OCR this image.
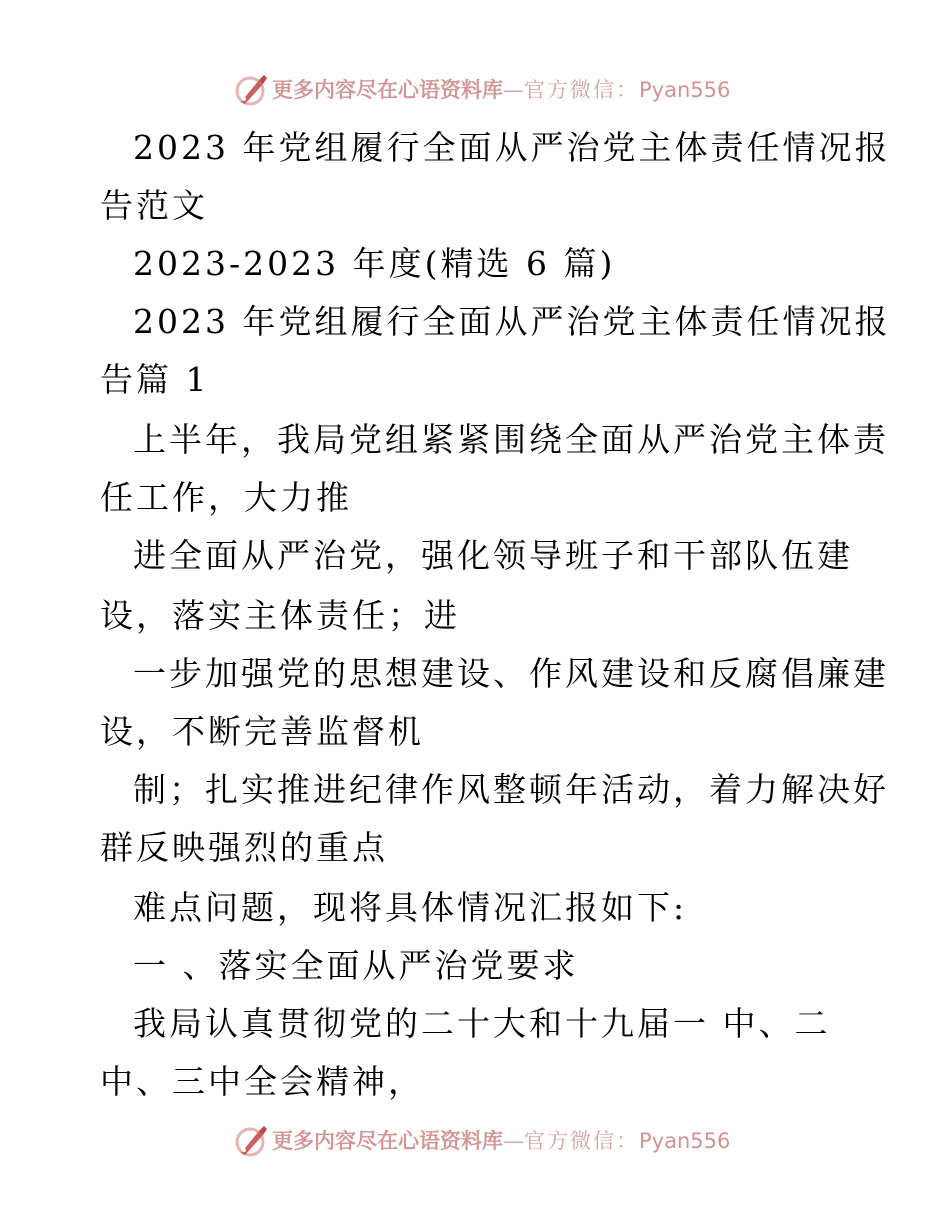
更多内容尽在心语资料库—官方微信：Pyan556
2023 年党组履行全面从严治党主体责任情况报
告范文
2023-2023 年度(精选 6 篇)
2023 年党组履行全面从严治党主体责任情况报
告篇 1
上半年，我局党组紧紧围绕全面从严治党主体责
任工作，大力推
进全面从严治党，强化领导班子和干部队伍建
设，落实主体责任；进
一步加强党的思想建设、作风建设和反腐倡廉建
设，不断完善监督机
制；扎实推进纪律作风整顿年活动，着力解决好
群反映强烈的重点
难点问题，现将具体情况汇报如下:
一 、落实全面从严治党要求
我局认真贯彻党的二十大和十九届一 中、二
中、三中全会精神，
更多内容尽在心语资料库—官方微信：Pyan556
